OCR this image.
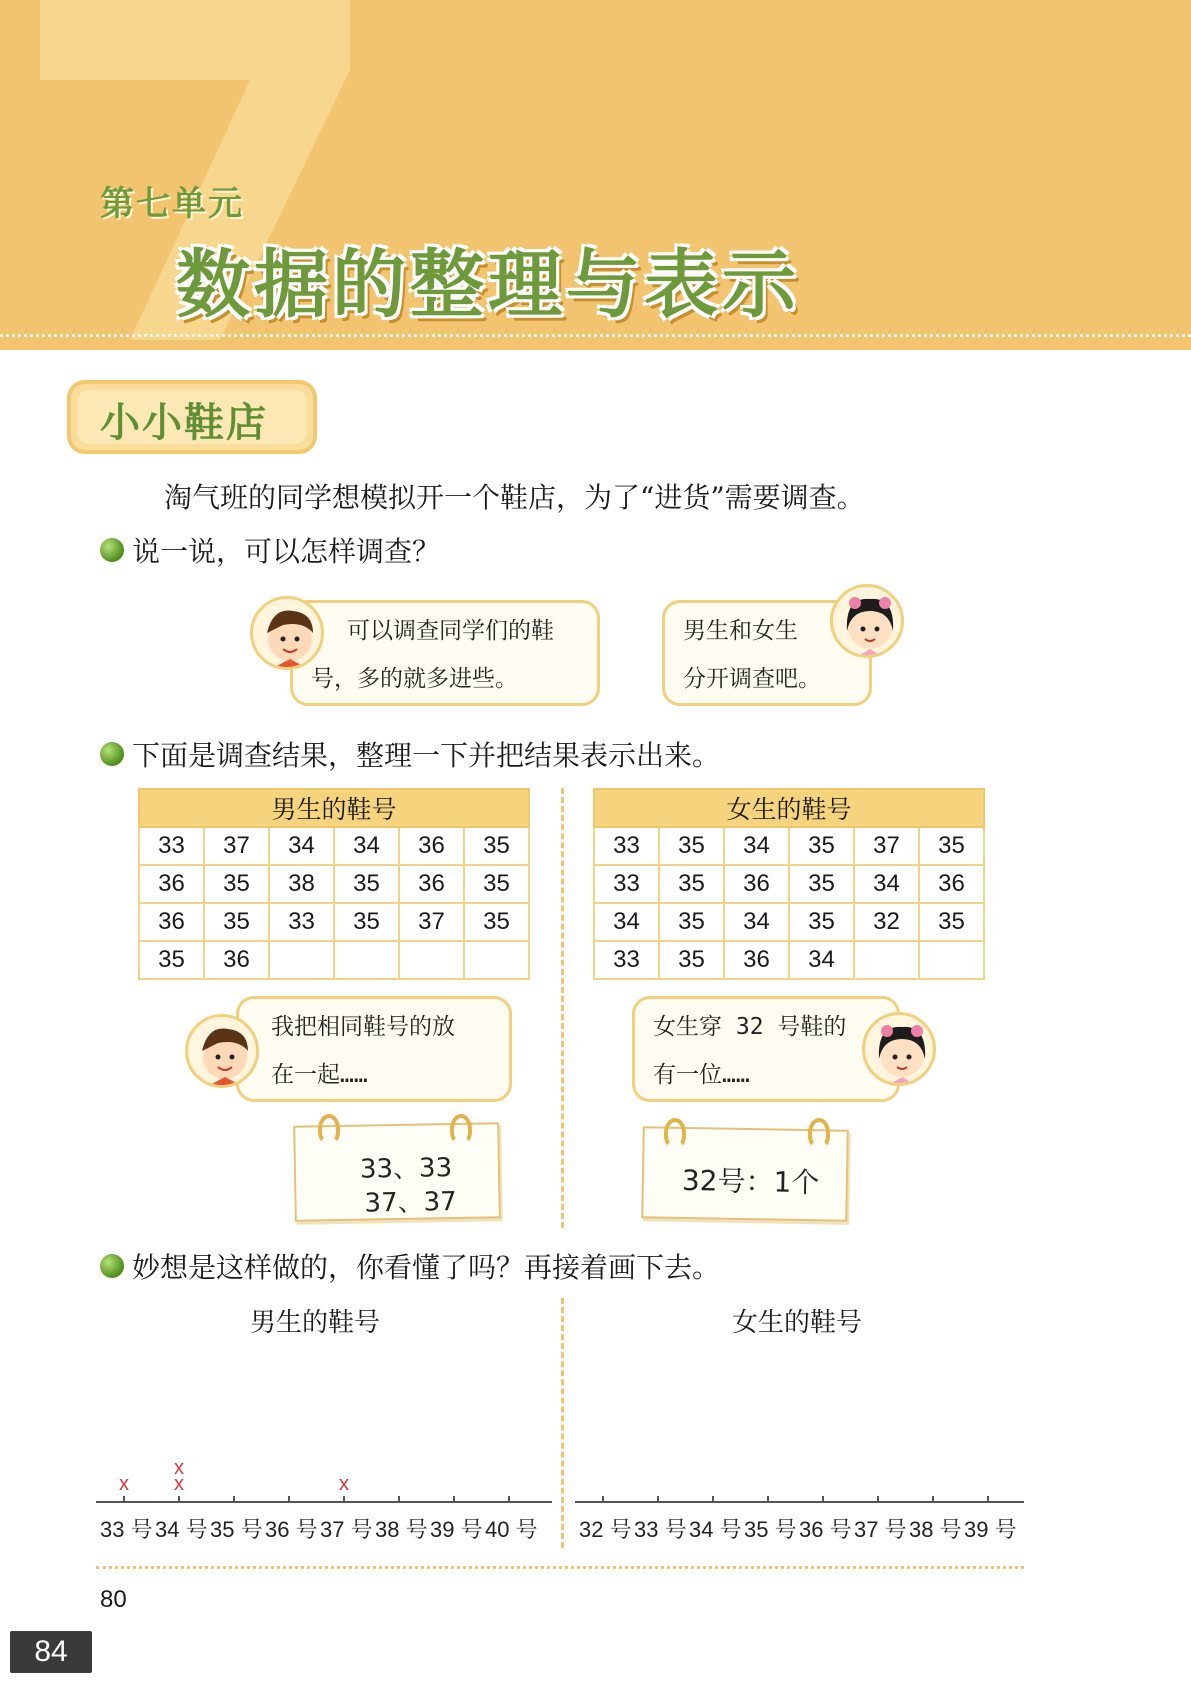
第七单元
数据的整理与表示
小小鞋店
淘气班的同学想模拟开一个鞋店，为了“进货”需要调查。
说一说，可以怎样调查？
可以调查同学们的鞋
号，多的就多进些。
男生和女生
分开调查吧。
下面是调查结果，整理一下并把结果表示出来。
男生的鞋号					
33	37	34	34	36	35
36	35	38	35	36	35
36	35	33	35	37	35
35	36				
女生的鞋号					
33	35	34	35	37	35
33	35	36	35	34	36
34	35	34	35	32	35
33	35	36	34		
我把相同鞋号的放
在一起……
女生穿 32 号鞋的
有一位……
33、33
37、37
32号：1个
妙想是这样做的，你看懂了吗？再接着画下去。
男生的鞋号	女生的鞋号
x x
x
x
33 号 34 号 35 号 36 号 37 号 38 号 39 号 40 号 32 号 33 号 34 号 35 号 36 号 37 号 38 号 39 号
80
84
